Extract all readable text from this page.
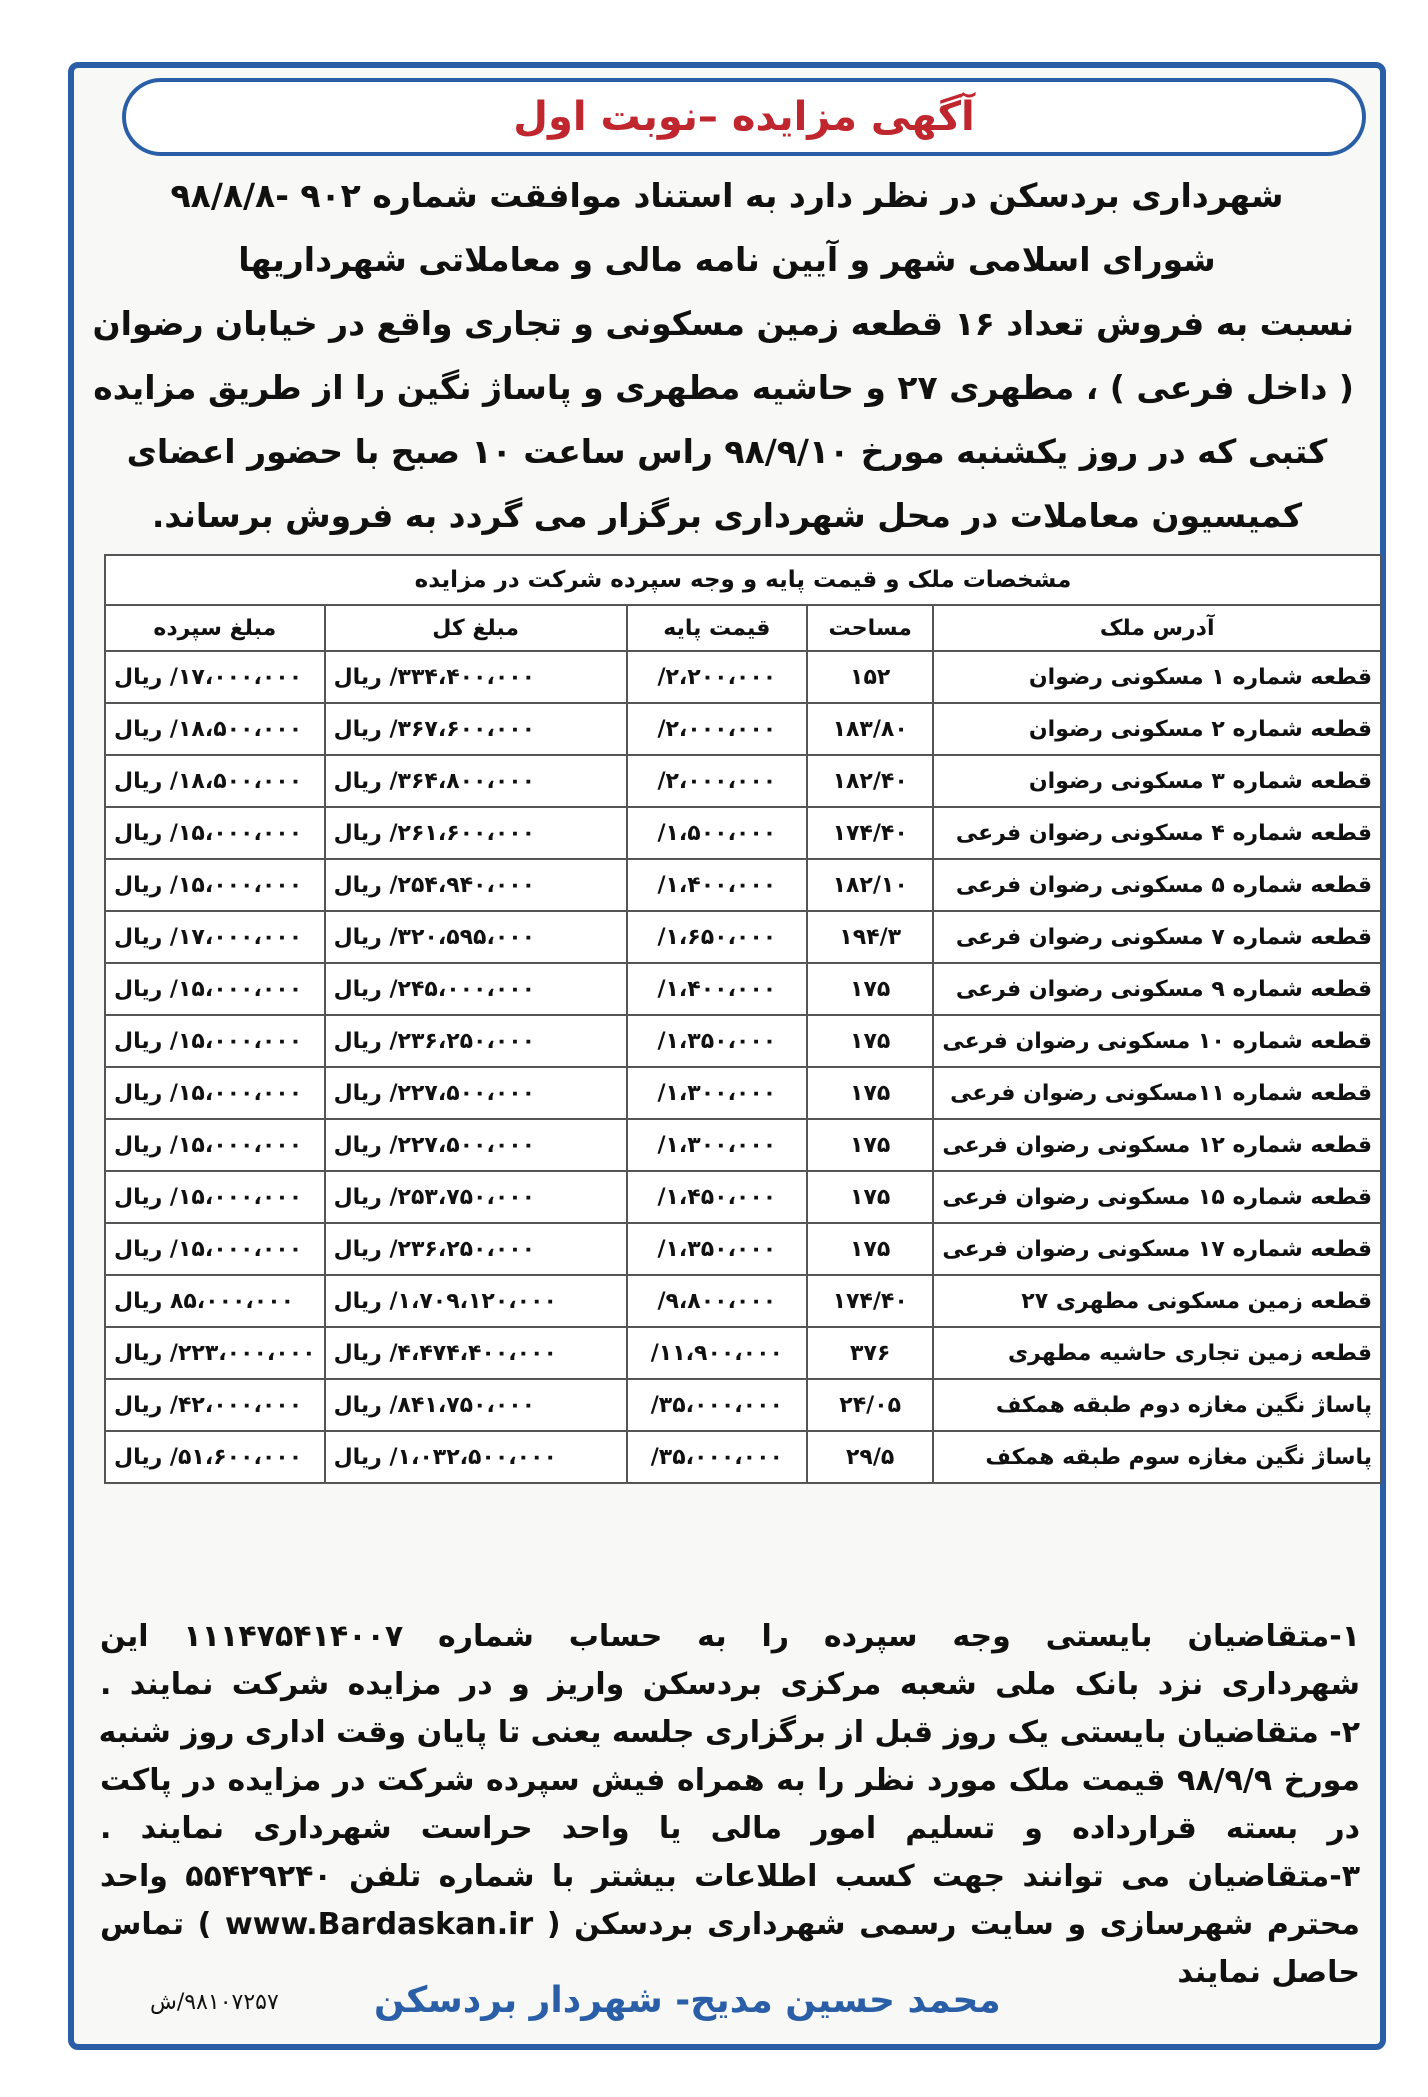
آگهی مزایده –نوبت اول

شهرداری بردسکن در نظر دارد به استناد موافقت شماره ۹۰۲ -۹۸/۸/۸

شورای اسلامی شهر و آیین نامه مالی و معاملاتی شهرداریها

نسبت به فروش تعداد ۱۶ قطعه زمین مسکونی و تجاری واقع در خیابان رضوان

( داخل فرعی ) ، مطهری ۲۷ و حاشیه مطهری و پاساژ نگین را از طریق مزایده

کتبی که در روز یکشنبه مورخ ۹۸/۹/۱۰ راس ساعت ۱۰ صبح با حضور اعضای

کمیسیون معاملات در محل شهرداری برگزار می گردد به فروش برساند.

مشخصات ملک و قیمت پایه و وجه سپرده شرکت در مزایده				
آدرس ملک	مساحت	قیمت پایه	مبلغ کل	مبلغ سپرده
قطعه شماره ۱ مسکونی رضوان	۱۵۲	۲،۲۰۰،۰۰۰/	۳۳۴،۴۰۰،۰۰۰/ ریال	۱۷،۰۰۰،۰۰۰/ ریال
قطعه شماره ۲ مسکونی رضوان	۱۸۳/۸۰	۲،۰۰۰،۰۰۰/	۳۶۷،۶۰۰،۰۰۰/ ریال	۱۸،۵۰۰،۰۰۰/ ریال
قطعه شماره ۳ مسکونی رضوان	۱۸۲/۴۰	۲،۰۰۰،۰۰۰/	۳۶۴،۸۰۰،۰۰۰/ ریال	۱۸،۵۰۰،۰۰۰/ ریال
قطعه شماره ۴ مسکونی رضوان فرعی	۱۷۴/۴۰	۱،۵۰۰،۰۰۰/	۲۶۱،۶۰۰،۰۰۰/ ریال	۱۵،۰۰۰،۰۰۰/ ریال
قطعه شماره ۵ مسکونی رضوان فرعی	۱۸۲/۱۰	۱،۴۰۰،۰۰۰/	۲۵۴،۹۴۰،۰۰۰/ ریال	۱۵،۰۰۰،۰۰۰/ ریال
قطعه شماره ۷ مسکونی رضوان فرعی	۱۹۴/۳	۱،۶۵۰،۰۰۰/	۳۲۰،۵۹۵،۰۰۰/ ریال	۱۷،۰۰۰،۰۰۰/ ریال
قطعه شماره ۹ مسکونی رضوان فرعی	۱۷۵	۱،۴۰۰،۰۰۰/	۲۴۵،۰۰۰،۰۰۰/ ریال	۱۵،۰۰۰،۰۰۰/ ریال
قطعه شماره ۱۰ مسکونی رضوان فرعی	۱۷۵	۱،۳۵۰،۰۰۰/	۲۳۶،۲۵۰،۰۰۰/ ریال	۱۵،۰۰۰،۰۰۰/ ریال
قطعه شماره ۱۱مسکونی رضوان فرعی	۱۷۵	۱،۳۰۰،۰۰۰/	۲۲۷،۵۰۰،۰۰۰/ ریال	۱۵،۰۰۰،۰۰۰/ ریال
قطعه شماره ۱۲ مسکونی رضوان فرعی	۱۷۵	۱،۳۰۰،۰۰۰/	۲۲۷،۵۰۰،۰۰۰/ ریال	۱۵،۰۰۰،۰۰۰/ ریال
قطعه شماره ۱۵ مسکونی رضوان فرعی	۱۷۵	۱،۴۵۰،۰۰۰/	۲۵۳،۷۵۰،۰۰۰/ ریال	۱۵،۰۰۰،۰۰۰/ ریال
قطعه شماره ۱۷ مسکونی رضوان فرعی	۱۷۵	۱،۳۵۰،۰۰۰/	۲۳۶،۲۵۰،۰۰۰/ ریال	۱۵،۰۰۰،۰۰۰/ ریال
قطعه زمین مسکونی مطهری ۲۷	۱۷۴/۴۰	۹،۸۰۰،۰۰۰/	۱،۷۰۹،۱۲۰،۰۰۰/ ریال	۸۵،۰۰۰،۰۰۰ ریال
قطعه زمین تجاری حاشیه مطهری	۳۷۶	۱۱،۹۰۰،۰۰۰/	۴،۴۷۴،۴۰۰،۰۰۰/ ریال	۲۲۳،۰۰۰،۰۰۰/ ریال
پاساژ نگین مغازه دوم طبقه همکف	۲۴/۰۵	۳۵،۰۰۰،۰۰۰/	۸۴۱،۷۵۰،۰۰۰/ ریال	۴۲،۰۰۰،۰۰۰/ ریال
پاساژ نگین مغازه سوم طبقه همکف	۲۹/۵	۳۵،۰۰۰،۰۰۰/	۱،۰۳۲،۵۰۰،۰۰۰/ ریال	۵۱،۶۰۰،۰۰۰/ ریال

۱-متقاضیان بایستی وجه سپرده را به حساب شماره ۱۱۱۴۷۵۴۱۴۰۰۷ این

شهرداری نزد بانک ملی شعبه مرکزی بردسکن واریز و در مزایده شرکت نمایند .

۲- متقاضیان بایستی یک روز قبل از برگزاری جلسه یعنی تا پایان وقت اداری روز شنبه

مورخ ۹۸/۹/۹ قیمت ملک مورد نظر را به همراه فیش سپرده شرکت در مزایده در پاکت

در بسته قرارداده و تسلیم امور مالی یا واحد حراست شهرداری نمایند .

۳-متقاضیان می توانند جهت کسب اطلاعات بیشتر با شماره تلفن ۵۵۴۲۹۲۴۰ واحد

محترم شهرسازی و سایت رسمی شهرداری بردسکن ( www.Bardaskan.ir ) تماس

حاصل نمایند

محمد حسین مدیح- شهردار بردسکن
۹۸۱۰۷۲۵۷/ش
